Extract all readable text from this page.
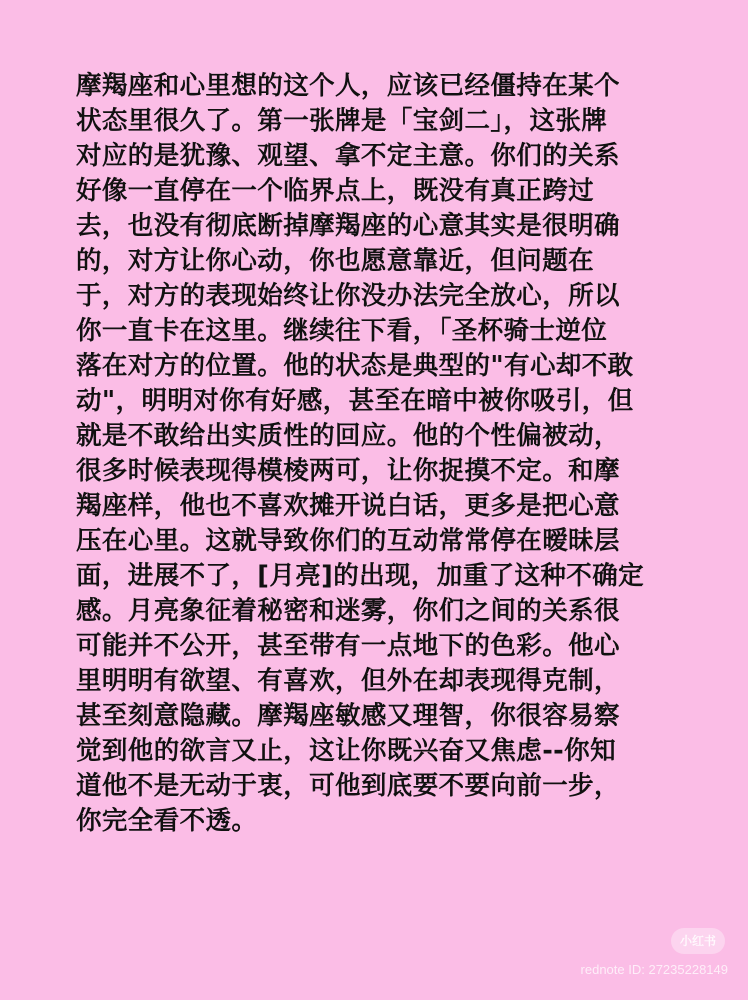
摩羯座和心里想的这个人，应该已经僵持在某个
状态里很久了。第一张牌是「宝剑二」，这张牌
对应的是犹豫、观望、拿不定主意。你们的关系
好像一直停在一个临界点上，既没有真正跨过
去，也没有彻底断掉摩羯座的心意其实是很明确
的，对方让你心动，你也愿意靠近，但问题在
于，对方的表现始终让你没办法完全放心，所以
你一直卡在这里。继续往下看，「圣杯骑士逆位
落在对方的位置。他的状态是典型的"有心却不敢
动"，明明对你有好感，甚至在暗中被你吸引，但
就是不敢给出实质性的回应。他的个性偏被动，
很多时候表现得模棱两可，让你捉摸不定。和摩
羯座样，他也不喜欢摊开说白话，更多是把心意
压在心里。这就导致你们的互动常常停在暧昧层
面，进展不了，[月亮]的出现，加重了这种不确定
感。月亮象征着秘密和迷雾，你们之间的关系很
可能并不公开，甚至带有一点地下的色彩。他心
里明明有欲望、有喜欢，但外在却表现得克制，
甚至刻意隐藏。摩羯座敏感又理智，你很容易察
觉到他的欲言又止，这让你既兴奋又焦虑--你知
道他不是无动于衷，可他到底要不要向前一步，
你完全看不透。
小红书
rednote ID: 27235228149
